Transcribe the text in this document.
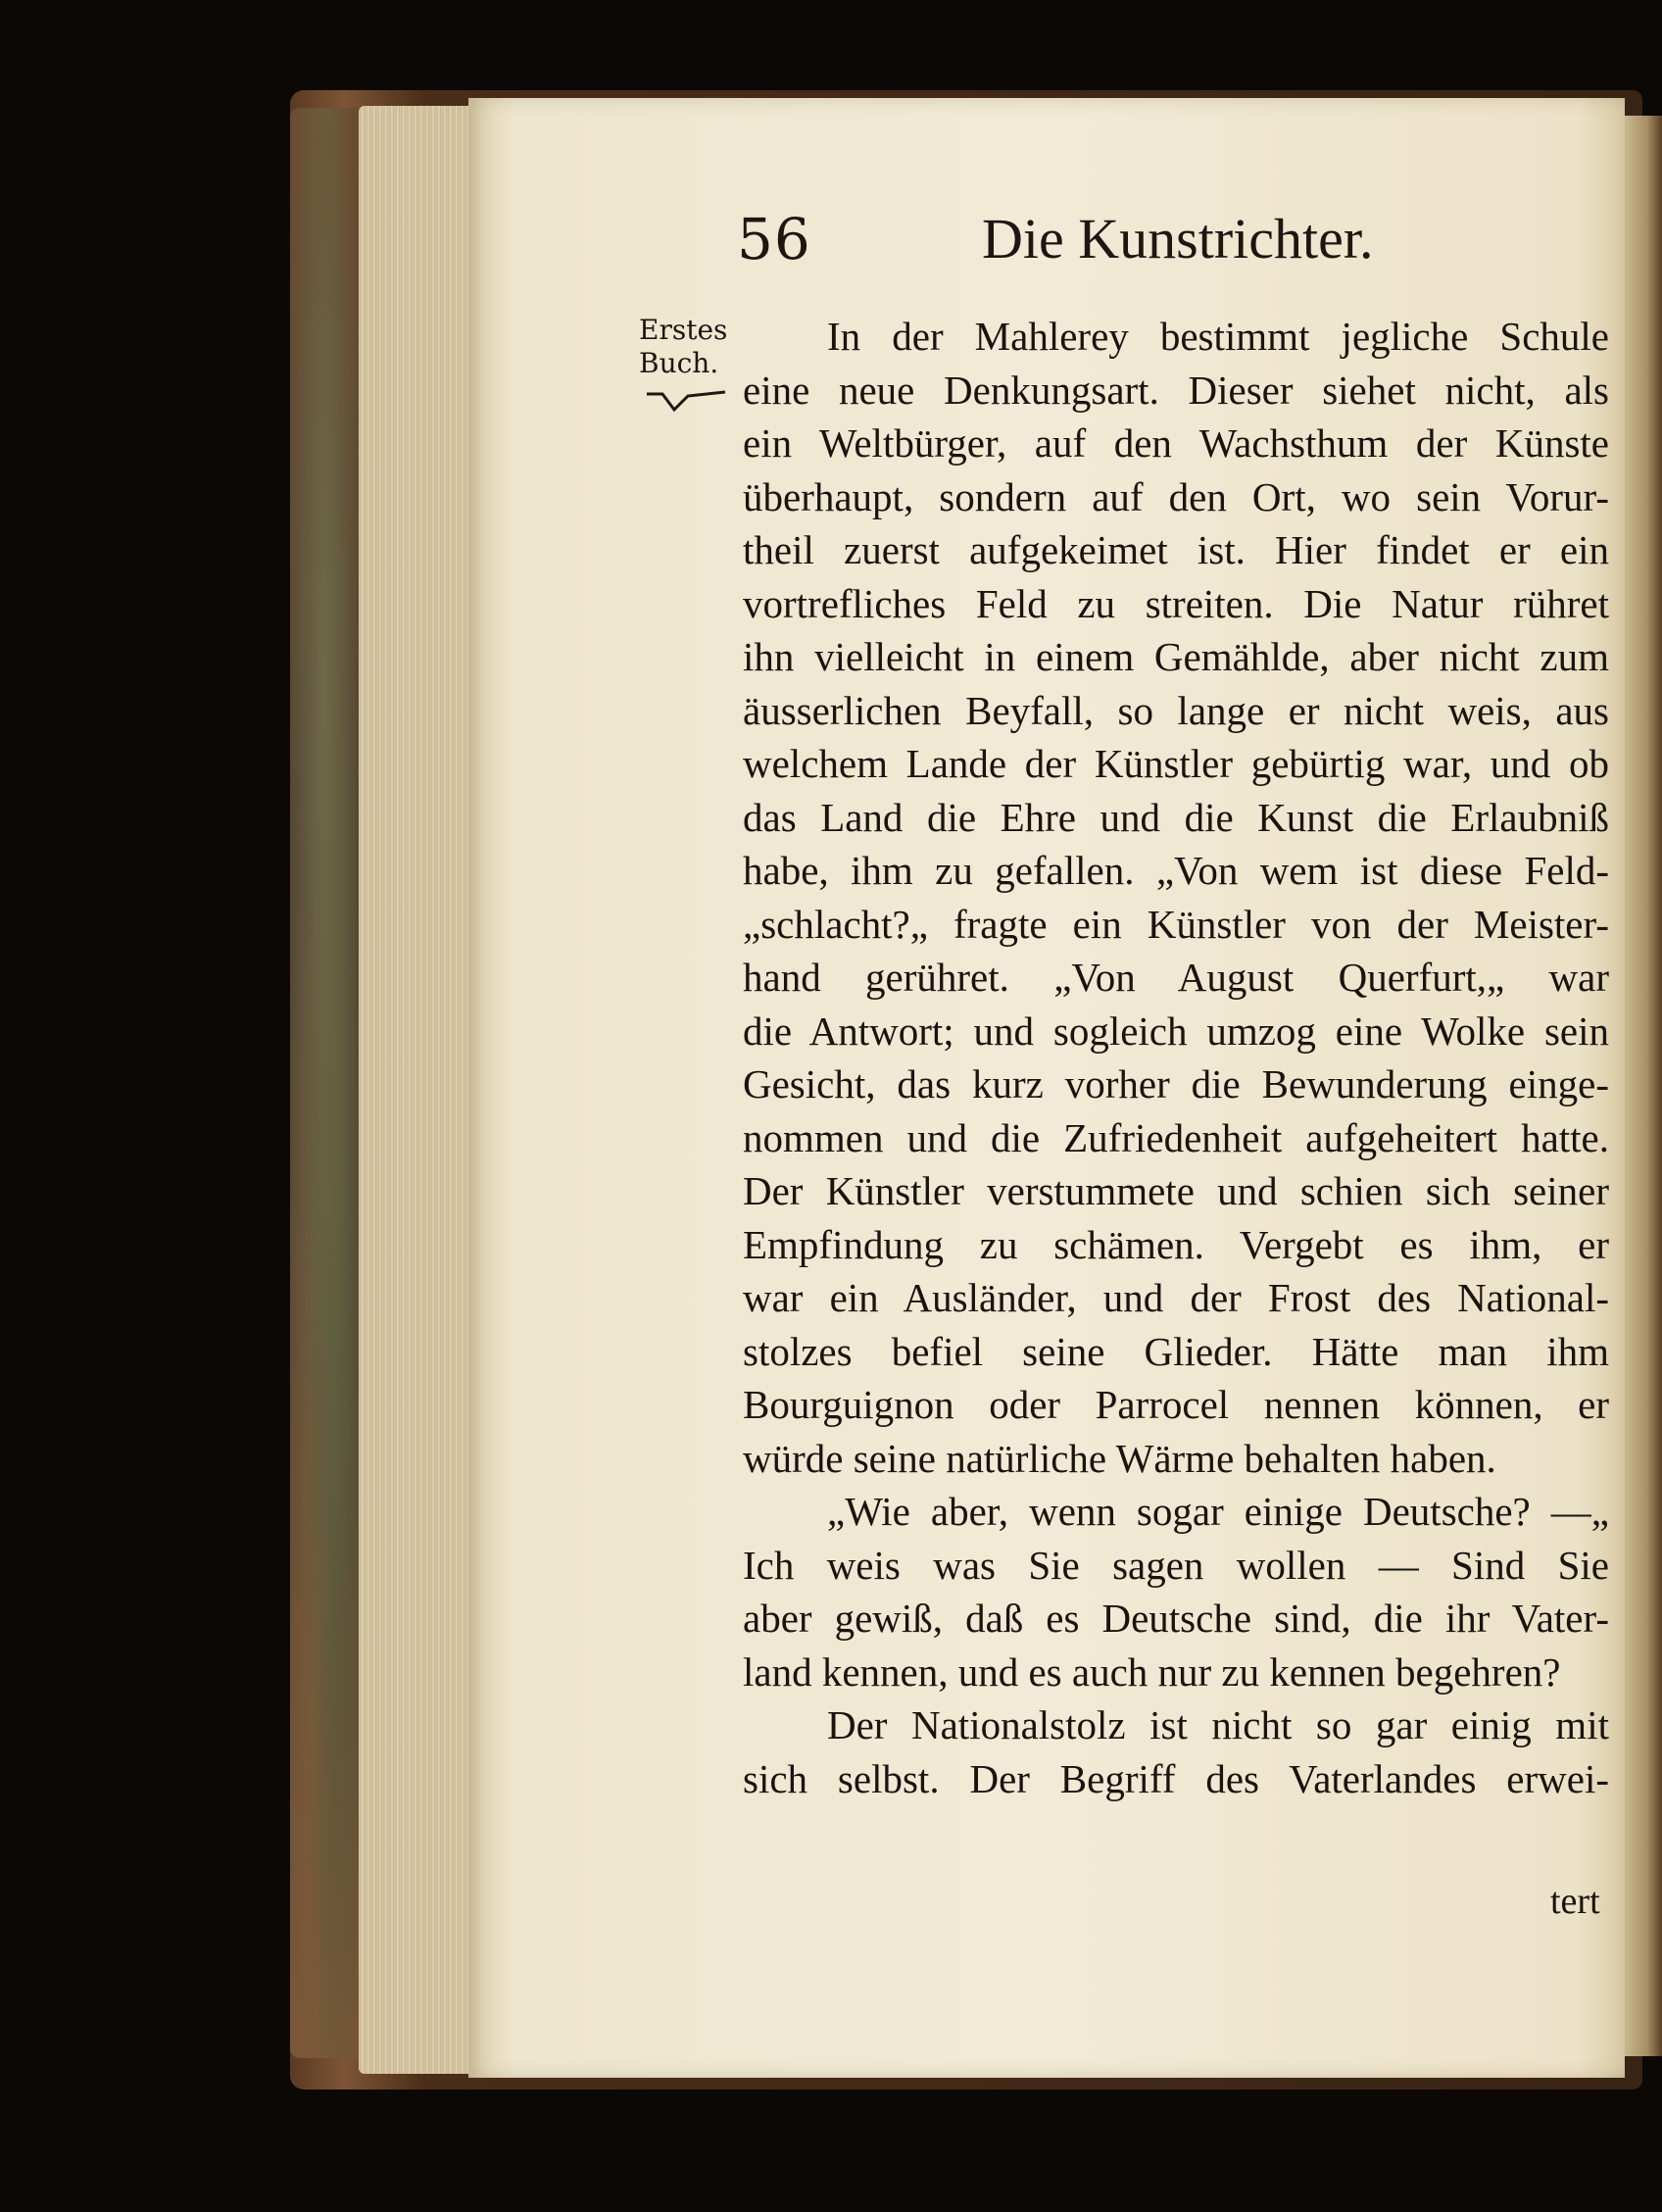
56	Die Kunstrichter.
Erstes
Buch.
In der Mahlerey bestimmt jegliche Schule
eine neue Denkungsart. Dieser siehet nicht, als
ein Weltbürger, auf den Wachsthum der Künste
überhaupt, sondern auf den Ort, wo sein Vorur-
theil zuerst aufgekeimet ist. Hier findet er ein
vortrefliches Feld zu streiten. Die Natur rühret
ihn vielleicht in einem Gemählde, aber nicht zum
äusserlichen Beyfall, so lange er nicht weis, aus
welchem Lande der Künstler gebürtig war, und ob
das Land die Ehre und die Kunst die Erlaubniß
habe, ihm zu gefallen. „Von wem ist diese Feld-
„schlacht?„ fragte ein Künstler von der Meister-
hand gerühret. „Von August Querfurt,„ war
die Antwort; und sogleich umzog eine Wolke sein
Gesicht, das kurz vorher die Bewunderung einge-
nommen und die Zufriedenheit aufgeheitert hatte.
Der Künstler verstummete und schien sich seiner
Empfindung zu schämen. Vergebt es ihm, er
war ein Ausländer, und der Frost des National-
stolzes befiel seine Glieder. Hätte man ihm
Bourguignon oder Parrocel nennen können, er
würde seine natürliche Wärme behalten haben.
„Wie aber, wenn sogar einige Deutsche? —„
Ich weis was Sie sagen wollen — Sind Sie
aber gewiß, daß es Deutsche sind, die ihr Vater-
land kennen, und es auch nur zu kennen begehren?
Der Nationalstolz ist nicht so gar einig mit
sich selbst. Der Begriff des Vaterlandes erwei-
tert
